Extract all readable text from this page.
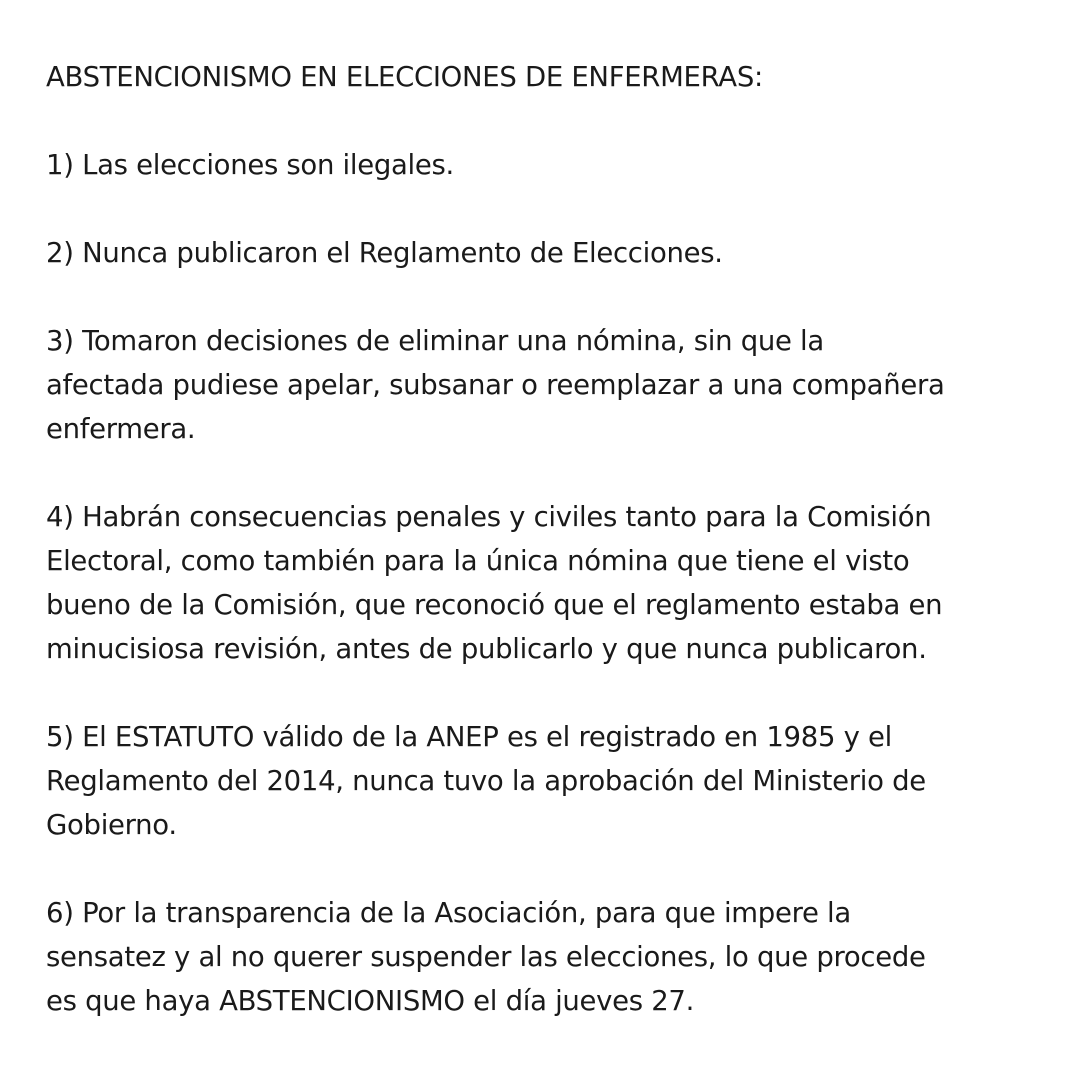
ABSTENCIONISMO EN ELECCIONES DE ENFERMERAS:
1) Las elecciones son ilegales.
2) Nunca publicaron el Reglamento de Elecciones.
3) Tomaron decisiones de eliminar una nómina, sin que la
afectada pudiese apelar, subsanar o reemplazar a una compañera
enfermera.
4) Habrán consecuencias penales y civiles tanto para la Comisión
Electoral, como también para la única nómina que tiene el visto
bueno de la Comisión, que reconoció que el reglamento estaba en
minucisiosa revisión, antes de publicarlo y que nunca publicaron.
5) El ESTATUTO válido de la ANEP es el registrado en 1985 y el
Reglamento del 2014, nunca tuvo la aprobación del Ministerio de
Gobierno.
6) Por la transparencia de la Asociación, para que impere la
sensatez y al no querer suspender las elecciones, lo que procede
es que haya ABSTENCIONISMO el día jueves 27.
